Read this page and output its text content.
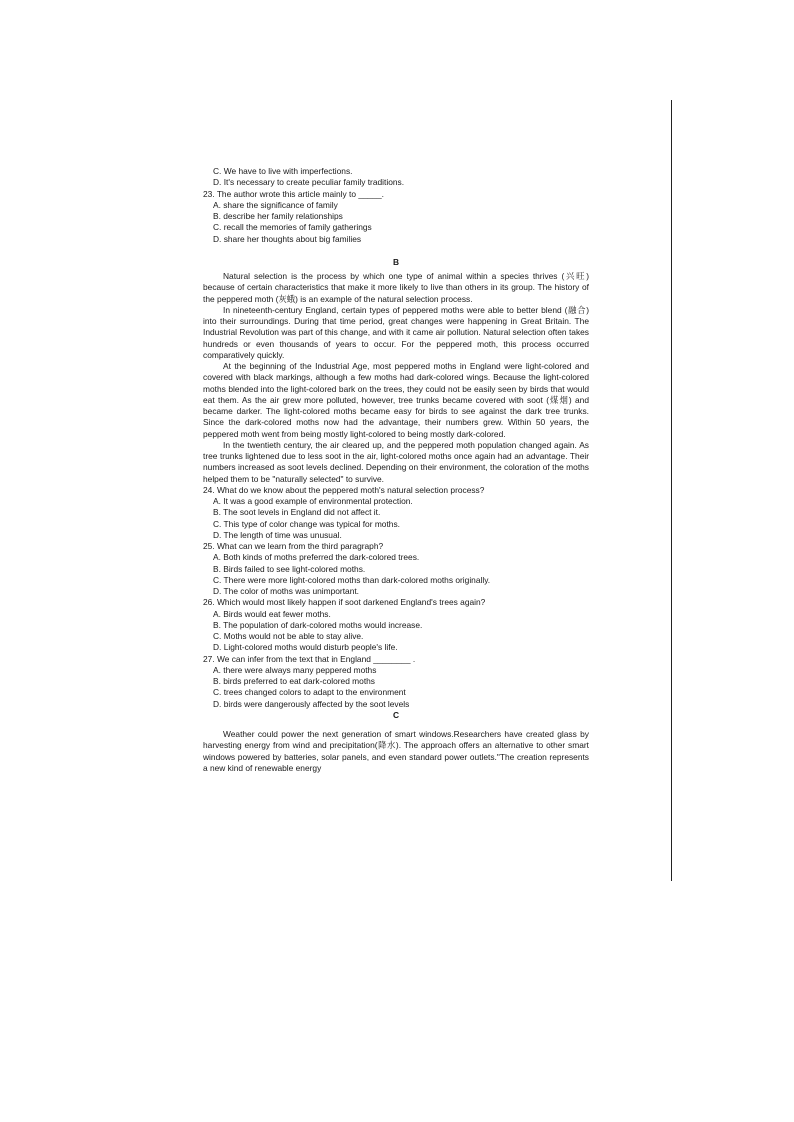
C. We have to live with imperfections.
D. It's necessary to create peculiar family traditions.
23. The author wrote this article mainly to _____.
A. share the significance of family
B. describe her family relationships
C. recall the memories of family gatherings
D. share her thoughts about big families
B

Natural selection is the process by which one type of animal within a species thrives (兴旺) because of certain characteristics that make it more likely to live than others in its group. The history of the peppered moth (灰蛾) is an example of the natural selection process.

In nineteenth-century England, certain types of peppered moths were able to better blend (融合) into their surroundings. During that time period, great changes were happening in Great Britain. The Industrial Revolution was part of this change, and with it came air pollution. Natural selection often takes hundreds or even thousands of years to occur. For the peppered moth, this process occurred comparatively quickly.

At the beginning of the Industrial Age, most peppered moths in England were light-colored and covered with black markings, although a few moths had dark-colored wings. Because the light-colored moths blended into the light-colored bark on the trees, they could not be easily seen by birds that would eat them. As the air grew more polluted, however, tree trunks became covered with soot (煤烟) and became darker. The light-colored moths became easy for birds to see against the dark tree trunks. Since the dark-colored moths now had the advantage, their numbers grew. Within 50 years, the peppered moth went from being mostly light-colored to being mostly dark-colored.

In the twentieth century, the air cleared up, and the peppered moth population changed again. As tree trunks lightened due to less soot in the air, light-colored moths once again had an advantage. Their numbers increased as soot levels declined. Depending on their environment, the coloration of the moths helped them to be "naturally selected" to survive.

24. What do we know about the peppered moth's natural selection process?
A. It was a good example of environmental protection.
B. The soot levels in England did not affect it.
C. This type of color change was typical for moths.
D. The length of time was unusual.
25. What can we learn from the third paragraph?
A. Both kinds of moths preferred the dark-colored trees.
B. Birds failed to see light-colored moths.
C. There were more light-colored moths than dark-colored moths originally.
D. The color of moths was unimportant.
26. Which would most likely happen if soot darkened England's trees again?
A. Birds would eat fewer moths.
B. The population of dark-colored moths would increase.
C. Moths would not be able to stay alive.
D. Light-colored moths would disturb people's life.
27. We can infer from the text that in England ________ .
A. there were always many peppered moths
B. birds preferred to eat dark-colored moths
C. trees changed colors to adapt to the environment
D. birds were dangerously affected by the soot levels
C

Weather could power the next generation of smart windows.Researchers have created glass by harvesting energy from wind and precipitation(降水). The approach offers an alternative to other smart windows powered by batteries, solar panels, and even standard power outlets."The creation represents a new kind of renewable energy
